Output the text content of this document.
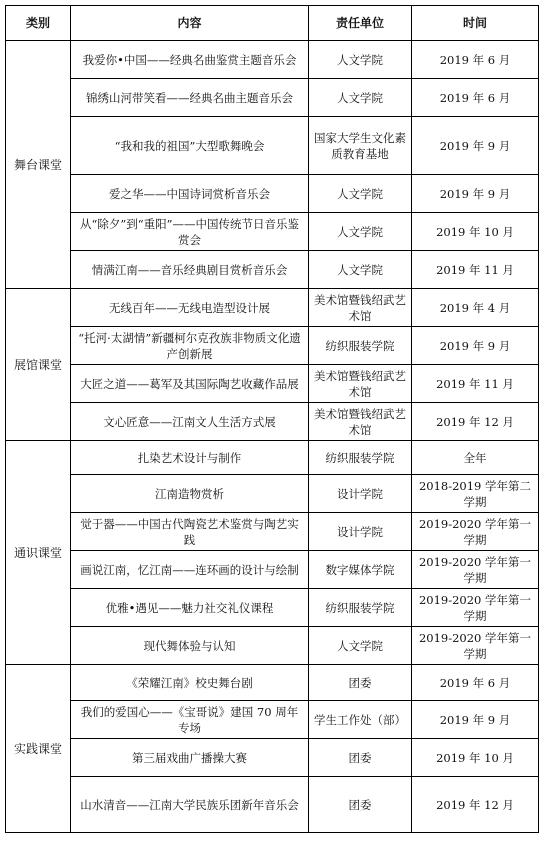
类别	内容	责任单位	时间
舞台课堂	我爱你•中国——经典名曲鉴赏主题音乐会	人文学院	2019 年 6 月
	锦绣山河带笑看——经典名曲主题音乐会	人文学院	2019 年 6 月
	“我和我的祖国”大型歌舞晚会	国家大学生文化素质教育基地	2019 年 9 月
	爱之华——中国诗词赏析音乐会	人文学院	2019 年 9 月
	从“除夕”到“重阳”——中国传统节日音乐鉴赏会	人文学院	2019 年 10 月
	情满江南——音乐经典剧目赏析音乐会	人文学院	2019 年 11 月
展馆课堂	无线百年——无线电造型设计展	美术馆暨钱绍武艺术馆	2019 年 4 月
	“托河·太湖情”新疆柯尔克孜族非物质文化遗产创新展	纺织服装学院	2019 年 9 月
	大匠之道——葛军及其国际陶艺收藏作品展	美术馆暨钱绍武艺术馆	2019 年 11 月
	文心匠意——江南文人生活方式展	美术馆暨钱绍武艺术馆	2019 年 12 月
通识课堂	扎染艺术设计与制作	纺织服装学院	全年
	江南造物赏析	设计学院	2018-2019 学年第二学期
	觉于器——中国古代陶瓷艺术鉴赏与陶艺实践	设计学院	2019-2020 学年第一学期
	画说江南，忆江南——连环画的设计与绘制	数字媒体学院	2019-2020 学年第一学期
	优雅•遇见——魅力社交礼仪课程	纺织服装学院	2019-2020 学年第一学期
	现代舞体验与认知	人文学院	2019-2020 学年第一学期
实践课堂	《荣耀江南》校史舞台剧	团委	2019 年 6 月
	我们的爱国心——《宝哥说》建国 70 周年专场	学生工作处（部）	2019 年 9 月
	第三届戏曲广播操大赛	团委	2019 年 10 月
	山水清音——江南大学民族乐团新年音乐会	团委	2019 年 12 月
